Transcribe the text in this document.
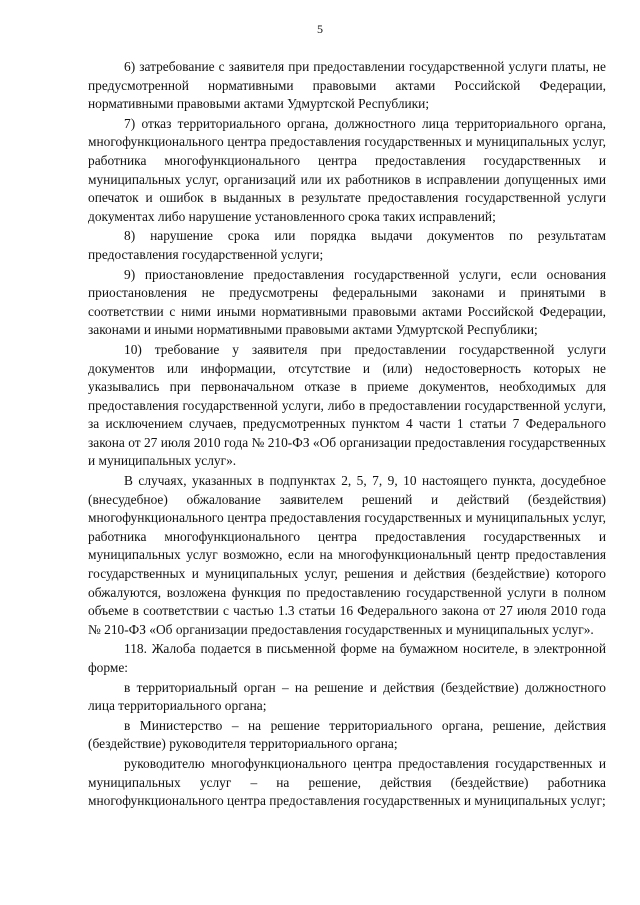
5

6) затребование с заявителя при предоставлении государственной услуги платы, не предусмотренной нормативными правовыми актами Российской Федерации, нормативными правовыми актами Удмуртской Республики;

7) отказ территориального органа, должностного лица территориального органа, многофункционального центра предоставления государственных и муниципальных услуг, работника многофункционального центра предоставления государственных и муниципальных услуг, организаций или их работников в исправлении допущенных ими опечаток и ошибок в выданных в результате предоставления государственной услуги документах либо нарушение установленного срока таких исправлений;

8) нарушение срока или порядка выдачи документов по результатам предоставления государственной услуги;

9) приостановление предоставления государственной услуги, если основания приостановления не предусмотрены федеральными законами и принятыми в соответствии с ними иными нормативными правовыми актами Российской Федерации, законами и иными нормативными правовыми актами Удмуртской Республики;

10) требование у заявителя при предоставлении государственной услуги документов или информации, отсутствие и (или) недостоверность которых не указывались при первоначальном отказе в приеме документов, необходимых для предоставления государственной услуги, либо в предоставлении государственной услуги, за исключением случаев, предусмотренных пунктом 4 части 1 статьи 7 Федерального закона от 27 июля 2010 года № 210-ФЗ «Об организации предоставления государственных и муниципальных услуг».

В случаях, указанных в подпунктах 2, 5, 7, 9, 10 настоящего пункта, досудебное (внесудебное) обжалование заявителем решений и действий (бездействия) многофункционального центра предоставления государственных и муниципальных услуг, работника многофункционального центра предоставления государственных и муниципальных услуг возможно, если на многофункциональный центр предоставления государственных и муниципальных услуг, решения и действия (бездействие) которого обжалуются, возложена функция по предоставлению государственной услуги в полном объеме в соответствии с частью 1.3 статьи 16 Федерального закона от 27 июля 2010 года № 210-ФЗ «Об организации предоставления государственных и муниципальных услуг».

118. Жалоба подается в письменной форме на бумажном носителе, в электронной форме:

в территориальный орган – на решение и действия (бездействие) должностного лица территориального органа;

в Министерство – на решение территориального органа, решение, действия (бездействие) руководителя территориального органа;

руководителю многофункционального центра предоставления государственных и муниципальных услуг – на решение, действия (бездействие) работника многофункционального центра предоставления государственных и муниципальных услуг;
